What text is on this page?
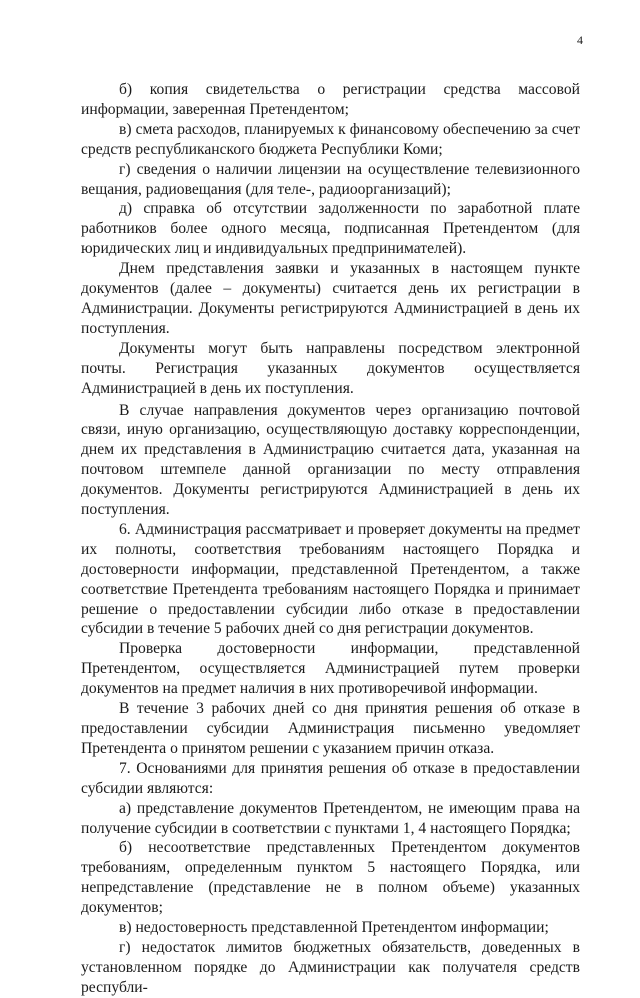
4

б) копия свидетельства о регистрации средства массовой информации, заверенная Претендентом;

в) смета расходов, планируемых к финансовому обеспечению за счет средств республиканского бюджета Республики Коми;

г) сведения о наличии лицензии на осуществление телевизионного вещания, радиовещания (для теле-, радиоорганизаций);

д) справка об отсутствии задолженности по заработной плате работников более одного месяца, подписанная Претендентом (для юридических лиц и индивидуальных предпринимателей).

Днем представления заявки и указанных в настоящем пункте документов (далее – документы) считается день их регистрации в Администрации. Документы регистрируются Администрацией в день их поступления.

Документы могут быть направлены посредством электронной почты. Регистрация указанных документов осуществляется Администрацией в день их поступления.

В случае направления документов через организацию почтовой связи, иную организацию, осуществляющую доставку корреспонденции, днем их представления в Администрацию считается дата, указанная на почтовом штемпеле данной организации по месту отправления документов. Документы регистрируются Администрацией в день их поступления.

6. Администрация рассматривает и проверяет документы на предмет их полноты, соответствия требованиям настоящего Порядка и достоверности информации, представленной Претендентом, а также соответствие Претендента требованиям настоящего Порядка и принимает решение о предоставлении субсидии либо отказе в предоставлении субсидии в течение 5 рабочих дней со дня регистрации документов.

Проверка достоверности информации, представленной Претендентом, осуществляется Администрацией путем проверки документов на предмет наличия в них противоречивой информации.

В течение 3 рабочих дней со дня принятия решения об отказе в предоставлении субсидии Администрация письменно уведомляет Претендента о принятом решении с указанием причин отказа.

7. Основаниями для принятия решения об отказе в предоставлении субсидии являются:

а) представление документов Претендентом, не имеющим права на получение субсидии в соответствии с пунктами 1, 4 настоящего Порядка;

б) несоответствие представленных Претендентом документов требованиям, определенным пунктом 5 настоящего Порядка, или непредставление (представление не в полном объеме) указанных документов;

в) недостоверность представленной Претендентом информации;

г) недостаток лимитов бюджетных обязательств, доведенных в установленном порядке до Администрации как получателя средств республи-
